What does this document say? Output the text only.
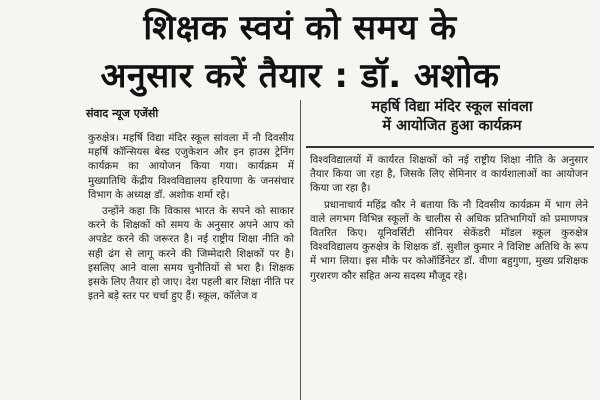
शिक्षक स्वयं को समय के
अनुसार करें तैयार : डॉ. अशोक
संवाद न्यूज एजेंसी	महर्षि विद्या मंदिर स्कूल सांवला
में आयोजित हुआ कार्यक्रम

कुरुक्षेत्र। महर्षि विद्या मंदिर स्कूल सांवला में नौ दिवसीय महर्षि कॉन्सियस बेस्ड एजुकेशन और इन हाउस ट्रेनिंग कार्यक्रम का आयोजन किया गया। कार्यक्रम में मुख्यातिथि केंद्रीय विश्वविद्यालय हरियाणा के जनसंचार विभाग के अध्यक्ष डॉ. अशोक शर्मा रहे।

उन्होंने कहा कि विकास भारत के सपने को साकार करने के शिक्षकों को समय के अनुसार अपने आप को अपडेट करने की जरूरत है। नई राष्ट्रीय शिक्षा नीति को सही ढंग से लागू करने की जिम्मेदारी शिक्षकों पर है। इसलिए आने वाला समय चुनौतियों से भरा है। शिक्षक इसके लिए तैयार हो जाए। देश पहली बार शिक्षा नीति पर इतने बड़े स्तर पर चर्चा हुए हैं। स्कूल, कॉलेज व

विश्वविद्यालयों में कार्यरत शिक्षकों को नई राष्ट्रीय शिक्षा नीति के अनुसार तैयार किया जा रहा है, जिसके लिए सेमिनार व कार्यशालाओं का आयोजन किया जा रहा है।

प्रधानाचार्य महिंद्र कौर ने बताया कि नौ दिवसीय कार्यक्रम में भाग लेने वाले लगभग विभिन्न स्कूलों के चालीस से अधिक प्रतिभागियों को प्रमाणपत्र वितरित किए। यूनिवर्सिटी सीनियर सेकेंडरी मॉडल स्कूल कुरुक्षेत्र विश्वविद्यालय कुरुक्षेत्र के शिक्षक डॉ. सुशील कुमार ने विशिष्ट अतिथि के रूप में भाग लिया। इस मौके पर कोऑर्डिनेटर डॉ. वीणा बहुगुणा, मुख्य प्रशिक्षक गुरशरण कौर सहित अन्य सदस्य मौजूद रहे।
